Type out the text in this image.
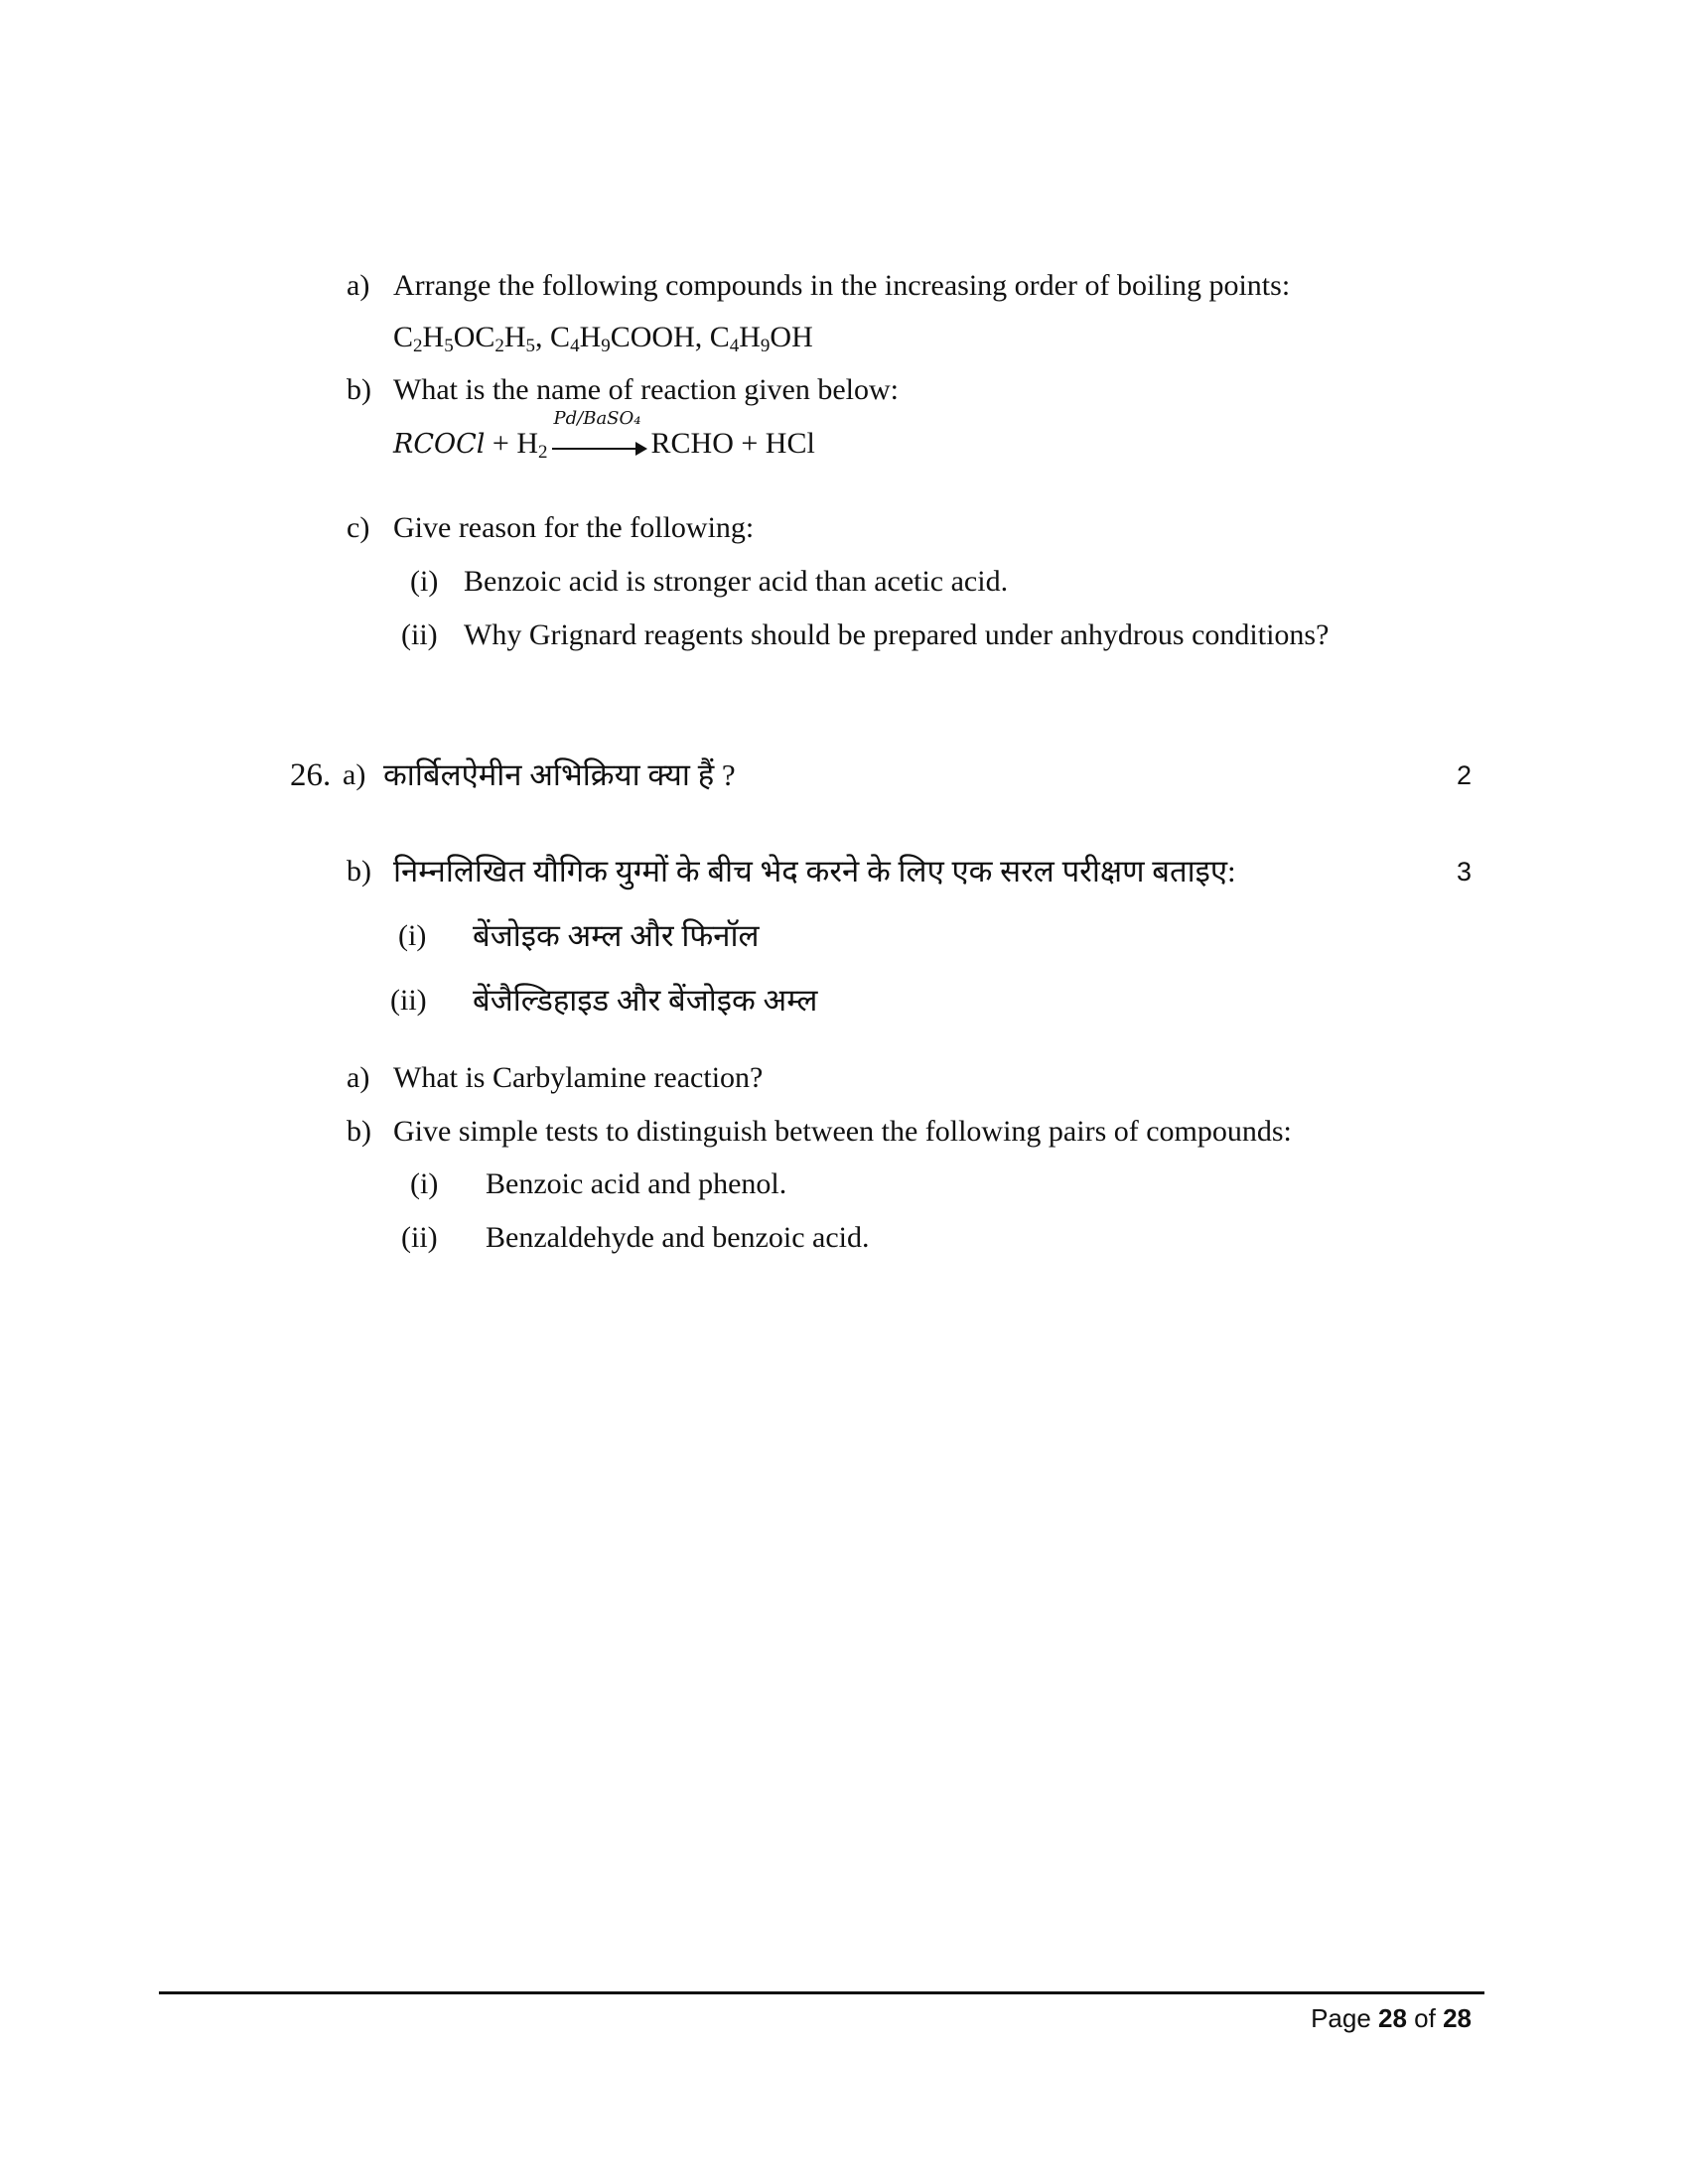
a) Arrange the following compounds in the increasing order of boiling points:
$C_2H_5OC_2H_5$, $C_4H_9COOH$, $C_4H_9OH$
b) What is the name of reaction given below:
RCOCl + $H_2$
Pd/BaSO₄
RCHO + HCl
c) Give reason for the following:
(i) Benzoic acid is stronger acid than acetic acid.
(ii) Why Grignard reagents should be prepared under anhydrous conditions?
26. a) कार्बिलऐमीन अभिक्रिया क्या हैं ?	2
b) निम्नलिखित यौगिक युग्मों के बीच भेद करने के लिए एक सरल परीक्षण बताइए:	3
(i) बेंजोइक अम्ल और फिनॉल
(ii) बेंजैल्डिहाइड और बेंजोइक अम्ल
a) What is Carbylamine reaction?
b) Give simple tests to distinguish between the following pairs of compounds:
(i) Benzoic acid and phenol.
(ii) Benzaldehyde and benzoic acid.
Page 28 of 28
